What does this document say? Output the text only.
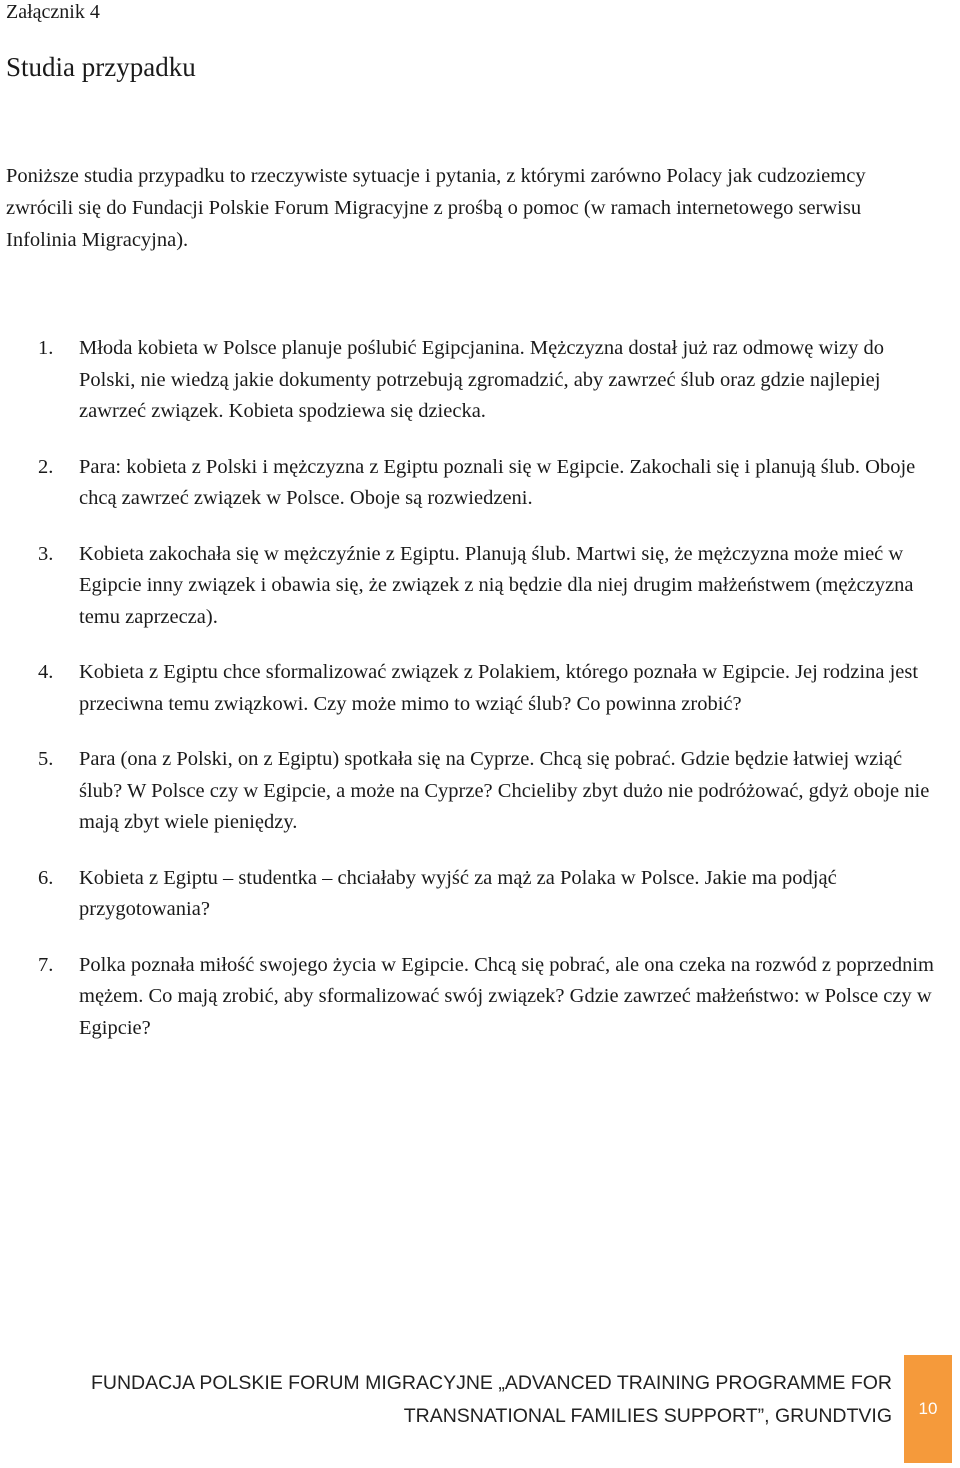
Załącznik 4
Studia przypadku

Poniższe studia przypadku to rzeczywiste sytuacje i pytania, z którymi zarówno Polacy jak cudzoziemcy zwrócili się do Fundacji Polskie Forum Migracyjne z prośbą o pomoc (w ramach internetowego serwisu Infolinia Migracyjna).

1. Młoda kobieta w Polsce planuje poślubić Egipcjanina. Mężczyzna dostał już raz odmowę wizy do Polski, nie wiedzą jakie dokumenty potrzebują zgromadzić, aby zawrzeć ślub oraz gdzie najlepiej zawrzeć związek. Kobieta spodziewa się dziecka.
2. Para: kobieta z Polski i mężczyzna z Egiptu poznali się w Egipcie. Zakochali się i planują ślub. Oboje chcą zawrzeć związek w Polsce. Oboje są rozwiedzeni.
3. Kobieta zakochała się w mężczyźnie z Egiptu. Planują ślub. Martwi się, że mężczyzna może mieć w Egipcie inny związek i obawia się, że związek z nią będzie dla niej drugim małżeństwem (mężczyzna temu zaprzecza).
4. Kobieta z Egiptu chce sformalizować związek z Polakiem, którego poznała w Egipcie. Jej rodzina jest przeciwna temu związkowi. Czy może mimo to wziąć ślub? Co powinna zrobić?
5. Para (ona z Polski, on z Egiptu) spotkała się na Cyprze. Chcą się pobrać. Gdzie będzie łatwiej wziąć ślub? W Polsce czy w Egipcie, a może na Cyprze? Chcieliby zbyt dużo nie podróżować, gdyż oboje nie mają zbyt wiele pieniędzy.
6. Kobieta z Egiptu – studentka – chciałaby wyjść za mąż za Polaka w Polsce. Jakie ma podjąć przygotowania?
7. Polka poznała miłość swojego życia w Egipcie. Chcą się pobrać, ale ona czeka na rozwód z poprzednim mężem. Co mają zrobić, aby sformalizować swój związek? Gdzie zawrzeć małżeństwo: w Polsce czy w Egipcie?
FUNDACJA POLSKIE FORUM MIGRACYJNE „ADVANCED TRAINING PROGRAMME FOR
TRANSNATIONAL FAMILIES SUPPORT”, GRUNDTVIG 10
